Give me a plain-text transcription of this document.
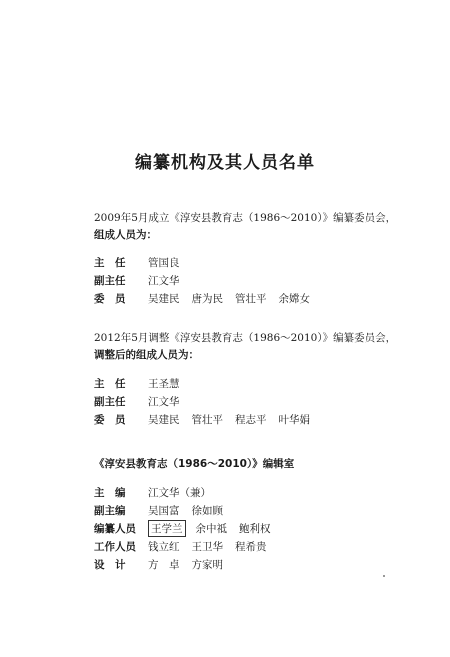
编纂机构及其人员名单
2009年5月成立《淳安县教育志（1986～2010）》编纂委员会，
组成人员为：
主　任	管国良
副主任	江文华
委　员	吴建民 唐为民 管壮平 余嫦女
2012年5月调整《淳安县教育志（1986～2010）》编纂委员会，
调整后的组成人员为：
主　任	王圣慧
副主任	江文华
委　员	吴建民 管壮平 程志平 叶华娟
《淳安县教育志（1986～2010）》编辑室
主　编	江文华（兼）
副主编	吴国富 徐如顾
编纂人员	王学兰 余中祗 鲍利权
工作人员	钱立红 王卫华 程希贵
设　计	方　卓 方家明
